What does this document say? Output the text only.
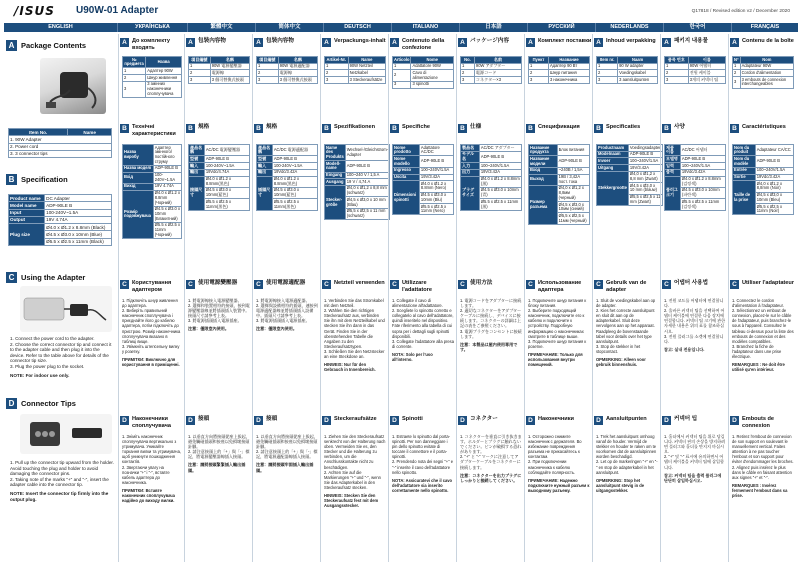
/ISUS U90W-01 Adapter	Q17818 / Revised edition v2 / December 2020
ENGLISH	УКРАЇНСЬКА	繁體中文	简体中文	DEUTSCH	ITALIANO	日本語	РУССКИЙ	NEDERLANDS	한국어	FRANÇAIS
A Package Contents
Item No.	Name
1. 90W Adapter
2. Power cord
3. 3 connector tips
B Specification
Product name	DC Adapter
Model name	ADP-90LE B
Input	100-240V~1.5A
Output	19V 4.74A
Plug size	Ø4.0 x Ø1.2 x 8.8mm (Black)
	Ø4.5 x Ø3.0 x 10mm (Blue)
	Ø5.5 x Ø2.5 x 11mm (Black)
C Using the Adapter

1. Connect the power cord to the adapter.

2. Choose the correct connector tip and connect it to the adapter cable and then plug it into the device. Refer to the table above for details of the connector tip size.

3. Plug the power plug to the socket.

NOTE: For indoor use only.

D Connector Tips

1. Pull up the connector tip upward from the holder. Avoid touching the plug and holder to avoid damaging the connector pins.

2. Taking note of the marks "+" and "-", insert the adapter cable into the connector tip.

NOTE: Insert the connector tip firmly into the output plug.

A До комплекту входять
№ предмета	Назва
1	Адаптер 90W
2	Шнур живлення
3	3 змінних наконечники споплучувача
B Технічні характеристики
Назва виробу	Адаптер змінного/постійного струму
Назва моделі	ADP-90LE B
Вхід	100-240V~1.5A
Вихід	19V 4.74A
Розмір подовжувача	Ø4.0 x Ø1.2 x 8.8mm (Чорний)
	Ø4.5 x Ø3.0 x 10mm (Блакитний)
	Ø5.5 x Ø2.5 x 11mm (Чорний)
C Користування адаптером

1. Підключіть шнур живлення до адаптера.

2. Виберіть правильний наконечник споплучувача і приєднайте його до кабелю адаптера, потім підключіть до пристрою. Розмір наконечника споплучувача вказано в таблиці вище.

3. Увімкніть штепсельну вилку у розетку.

ПРИМІТКИ: Виключно для користування в приміщенні.

D Наконечники споплучувача

1. Зніміть наконечник споплучувача вертикально з утримувача. Уникайте торкання вилки та утримувача, щоб уникнути пошкодження контактів.

2. Звертаючи увагу на позначки "+" і "-", вставте кабель адаптера до наконечника.

ПРИМІТКИ: Вставте наконечник споплучувача надійно до виходу вилки.

A 包裝內容物
項目編號	名稱
1	90W 電源變壓器
2	電源線
3	3 個可替換式接頭
B 規格
產品名稱	AC/DC 電源變壓器
型號	ADP-90LE B
輸入	100-240V~1.5A
輸出	19Vdc/4.74A
接頭尺寸	Ø4.0 x Ø1.2 x 8.8mm(黑色)
	Ø4.5 x Ø3.0 x 10mm(藍色)
	Ø5.5 x Ø2.5 x 11mm(黑色)
C 使用電源變壓器

1. 將電源線接入電源變壓器。

2. 選擇和裝置相符的接頭，接到電源變壓器線並將插頭插入裝置中。接頭尺寸請參考上表。

3. 將電源插頭插入電源插座。

注意：僅限室內使用。

D 接頭

1. 以垂直方向將接頭從座上拔起，避免觸碰插頭和接座以免損壞接頭針腳。

2. 請注意接頭上的「+」與「-」標記，將電源變壓器線插入接頭。

注意：請將接頭緊緊插入輸出插頭。

A 包裝內容物
項目編號	名稱
1	90W 電源適配器
2	電源線
3	3 個可替換式接頭
B 規格
產品名稱	AC/DC 電源適配器
型號	ADP-90LE B
輸入	100-240V~1.5A
輸出	19Vdc/3.42A
插頭尺寸	Ø4.0 x Ø1.2 x 8.8mm(黑色)
	Ø4.5 x Ø3.0 x 10mm(藍色)
	Ø5.5 x Ø2.5 x 11mm(黑色)
C 使用電源適配器

1. 將電源線接入電源適配器。

2. 選擇與設備相符的插頭，連接到電源適配器線並將插頭插入設備中。插頭尺寸請參考上表。

3. 將電源插頭插入電源插座。

注意：僅限室內使用。

D 接頭

1. 以垂直方向將接頭從座上拔起，避免觸碰插頭和接座以免損壞接頭針腳。

2. 請注意接頭上的「+」與「-」標記，將電源適配器線插入接頭。

注意：請將接頭牢固插入輸出插頭。

A Verpackungs-inhalt
Artikel-Nr.	Name
1	90W Netzteil
2	Netzkabel
3	3 Steckeraufsätze
B Spezifikationen
Name des Produkts	Wechsel-/Gleichstrom-Adapter
Modell-name	ADP-90LE B
Eingang	100~240 V / 1,5 A
Ausgang	19 V / 4,74 A
Stecker-größe	Ø4,0 x Ø1,2 x 8,8 mm (schwarz)
	Ø4,5 x Ø3,0 x 10 mm (Blau)
	Ø5,5 x Ø2,5 x 11 mm (schwarz)
C Netzteil verwenden

1. Verbinden Sie das Stromkabel mit dem Netzteil.

2. Wählen Sie den richtigen Steckeraufsatz aus, verbinden Sie ihn mit dem Netzteilkabel und stecken Sie ihn dann in das Gerät. Finden Sie in der obenstehenden Tabelle die Angaben zu den Steckeraufsatztypen.

3. Schließen Sie den Netzstecker an eine Steckdose an.

HINWEIS: Nur für den Gebrauch in Innenbereich.

D Steckeraufsätze

1. Ziehen Sie den Steckeraufsatz senkrecht von der Halterung nach oben. Vermeiden Sie es, den Stecker und die Halterung zu verbinden, um die Anschlusskontakte nicht zu beschädigen.

2. Achten Sie auf die Markierungen "+" und "-", wenn Sie das Adapterkabel in den Steckeraufsatz stecken.

HINWEIS: Stecken Sie den Steckeraufsatz fest mit dem Ausgangsstecker.

A Contenuto della confezione
Articolo	Nome
1	Adattatore 90W
2	Cavo di alimentazione
3	3 spinotti
B Specifiche
Nome prodotto	Adattatore AC/DC
Nome modello	ADP-90LE B
Ingresso	100~240V/1.5A
Uscita	19V/3.42A
Dimensioni spinotti	Ø4.0 x Ø1.2 x 8.8mm (Nero)
	Ø4.5 x Ø3.0 x 10mm (Blu)
	Ø5.5 x Ø2.5 x 11mm (Nero)
C Utilizzare l'adattatore

1. Collegate il cavo di alimentazione all'adattatore.

2. Scegliete lo spinotto corretto e collegatelo al cavo dell'adattatore, quindi inseritelo nel dispositivo. Fate riferimento alla tabella di cui sopra per i dettagli sugli spinotti disponibili.

3. Collegate l'adattatore alla presa di corrente.

NOTA: Solo per l'uso all'interno.

D Spinotti

1. Estraete lo spinotto dal porta-spinotti. Per non danneggiare i pin dello spinotto evitate di toccare il connettore e il porta-spinotti.

2. Prendendo nota dei segni "+" e "-" inserite il cavo dell'adattatore nello spinotto.

NOTA: Assicuratevi che il cavo dell'adattatore sia inserito correttamente nello spinotto.

A パッケージ内容
No.	名前
1	90W アダプター
2	電源コード
3	コネクター×3
B 仕様
製品名	AC/DC アダプター
モデル名	ADP-90LE B
入力	100~240V/1.5A
出力	19V/3.42A
プラグサイズ	Ø4.0 x Ø1.2 x 8.8mm (黒)
	Ø4.5 x Ø3.0 x 10mm (青)
	Ø5.5 x Ø2.5 x 11mm (黒)
C 使用方法

1. 電源コードをアダプターに接続します。

2. 適切なコネクターをアダプターケーブルに接続し、デバイスに接続します。コネクターの詳細は上記の表をご参照ください。

3. 電源プラグをコンセントに接続します。

注意：本製品は屋内使用専用です。

D コネクター

1. コネクターを垂直に引き抜きます。ホルダーとプラグに触れないでください。ピンが破損する恐れがあります。

2. "+" と "-" マークに注意してアダプターケーブルをコネクターに接続します。

注意：コネクターを出力プラグにしっかりと接続してください。

A Комплект поставки
Пункт	Название
1	Адаптер 90 Вт
2	Шнур питания
3	3 наконечника
B Спецификация
Название продукта	Блок питания
Название модели	ADP-90LE B
Вход	~240В / 1,5А
Выход	19В / 3,42А пост. тока
Размер разъема	Ø4,0 x Ø1,2 x 8,8мм (черный)
	Ø4,5 x Ø3,0 x 10мм (синий)
	Ø5,5 x Ø2,5 x 11мм (черный)
C Использование адаптера

1. Подключите шнур питания к блоку питания.

2. Выберите подходящий наконечник, подключите его к кабелю и подключите к устройству. Подробную информацию о наконечниках смотрите в таблице выше.

3. Подключите шнур питания к розетке.

ПРИМЕЧАНИЕ: Только для использования внутри помещений.

D Наконечники

1. Осторожно снимите наконечник с держателя. Во избежание повреждения разъема не прикасайтесь к контактам.

2. При подключении наконечника к кабелю соблюдайте полярность.

ПРИМЕЧАНИЕ: Надежно подключите нужный разъем к выходному разъему.

A Inhoud verpakking
Item nr.	Naam
1	90 W adapter
2	Voedingskabel
3	3 aansluitpunten
B Specificaties
Productnaam	Voedingsadapter
Modelnaam	ADP-90LE B
Invoer	100~240V/1.5A
Uitgang	19V/3.42A
Stekkergrootte	Ø4,0 x Ø1,2 x 8,8 mm (Zwart)
	Ø4,5 x Ø3,0 x 10 mm (blauw)
	Ø5,5 x Ø2,5 x 11 mm (Zwart)
C Gebruik van de adapter

1. Sluit de voedingskabel aan op de adapter.

2. Kies het correcte aansluitpunt en sluit dit aan op de adapterkabel. Sluit deze vervolgens aan op het apparaat. Raadpleeg de bovenstaande tabel voor details over het type aansluitpunt.

3. Stop de stekker in het stopcontact.

OPMERKING: Alleen voor gebruik binnenshuis.

D Aansluitpunten

1. Trek het aansluitpunt omhoog vanaf de houder. Vermijd de stekker en houder te raken om te voorkomen dat de aansluitpinnen worden beschadigd.

2. Let op de markeringen "+" en "-" en stop de adapterkabel in het aansluitpunt.

OPMERKING: Stop het aansluitpunt stevig in de uitgangsstekker.

A 패키지 내용물
품목 번호	이름
1	90W 어댑터
2	전원 케이블
3	3개의 커넥터 팁
B 사양
제품 이름	AC/DC 어댑터
모델명	ADP-90LE B
입력	100~240V/1.5A
출력	19Vdc/3.42A
플러그 크기	Ø4.0 x Ø1.2 x 8.8mm (검정색)
	Ø4.5 x Ø3.0 x 10mm (파란색)
	Ø5.5 x Ø2.5 x 11mm (검정색)
C 어댑터 사용법

1. 전원 코드를 어댑터에 연결합니다.

2. 올바른 커넥터 팁을 선택하여 어댑터 케이블에 연결한 다음 장치에 연결합니다. 커넥터 팁 크기에 관한 자세한 내용은 위의 표를 참조하십시오.

3. 전원 플러그를 소켓에 연결합니다.

참고: 실내 전용입니다.

D 커넥터 팁

1. 홀더에서 커넥터 팁을 위로 당깁니다. 커넥터 핀의 손상을 방지하려면 플러그와 홀더를 만지지 마십시오.

2. "+" 및 "-" 표시에 유의하면서 어댑터 케이블을 커넥터 팁에 삽입합니다.

참고: 커넥터 팁을 출력 플러그에 단단히 삽입하십시오.

A Contenu de la boîte
N°	Nom
1	Adaptateur 90W
2	Cordon d'alimentation
3	3 embouts de connexion interchangeables
B Caractéristiques
Nom du produit	Adaptateur CA/CC
Nom du modèle	ADP-90LE B
Entrée	100~240V/1.5A
Sortie	19Vdc/3.42A
Taille de la prise	Ø4,0 x Ø1,2 x 8,8mm (Noir)
	Ø4,5 x Ø3,0 x 10mm (Bleu)
	Ø5,5 x Ø2,5 x 11mm (Noir)
C Utiliser l'adaptateur

1. Connectez le cordon d'alimentation à l'adaptateur.

2. Sélectionnez un embout de connexion, placez-le sur le câble de l'adaptateur, puis branchez-le sous à l'appareil. Consultez le tableau ci-dessus pour la liste des embouts de connexion et des modèles compatibles.

3. Branchez la fiche de l'adaptateur dans une prise électrique.

REMARQUES : Ne doit être utilisé qu'en intérieur.

D Embouts de connexion

1. Retirez l'embout de connexion de son support en soulevant le manuellement vertical. Faites attention à ne pas toucher l'embout et son support pour éviter d'endommager les broches.

2. Alignez puis insérez le plus dans le câble en faisant attention aux signes "+" et "-".

REMARQUES : Insérez fermement l'embout dans sa prise.
